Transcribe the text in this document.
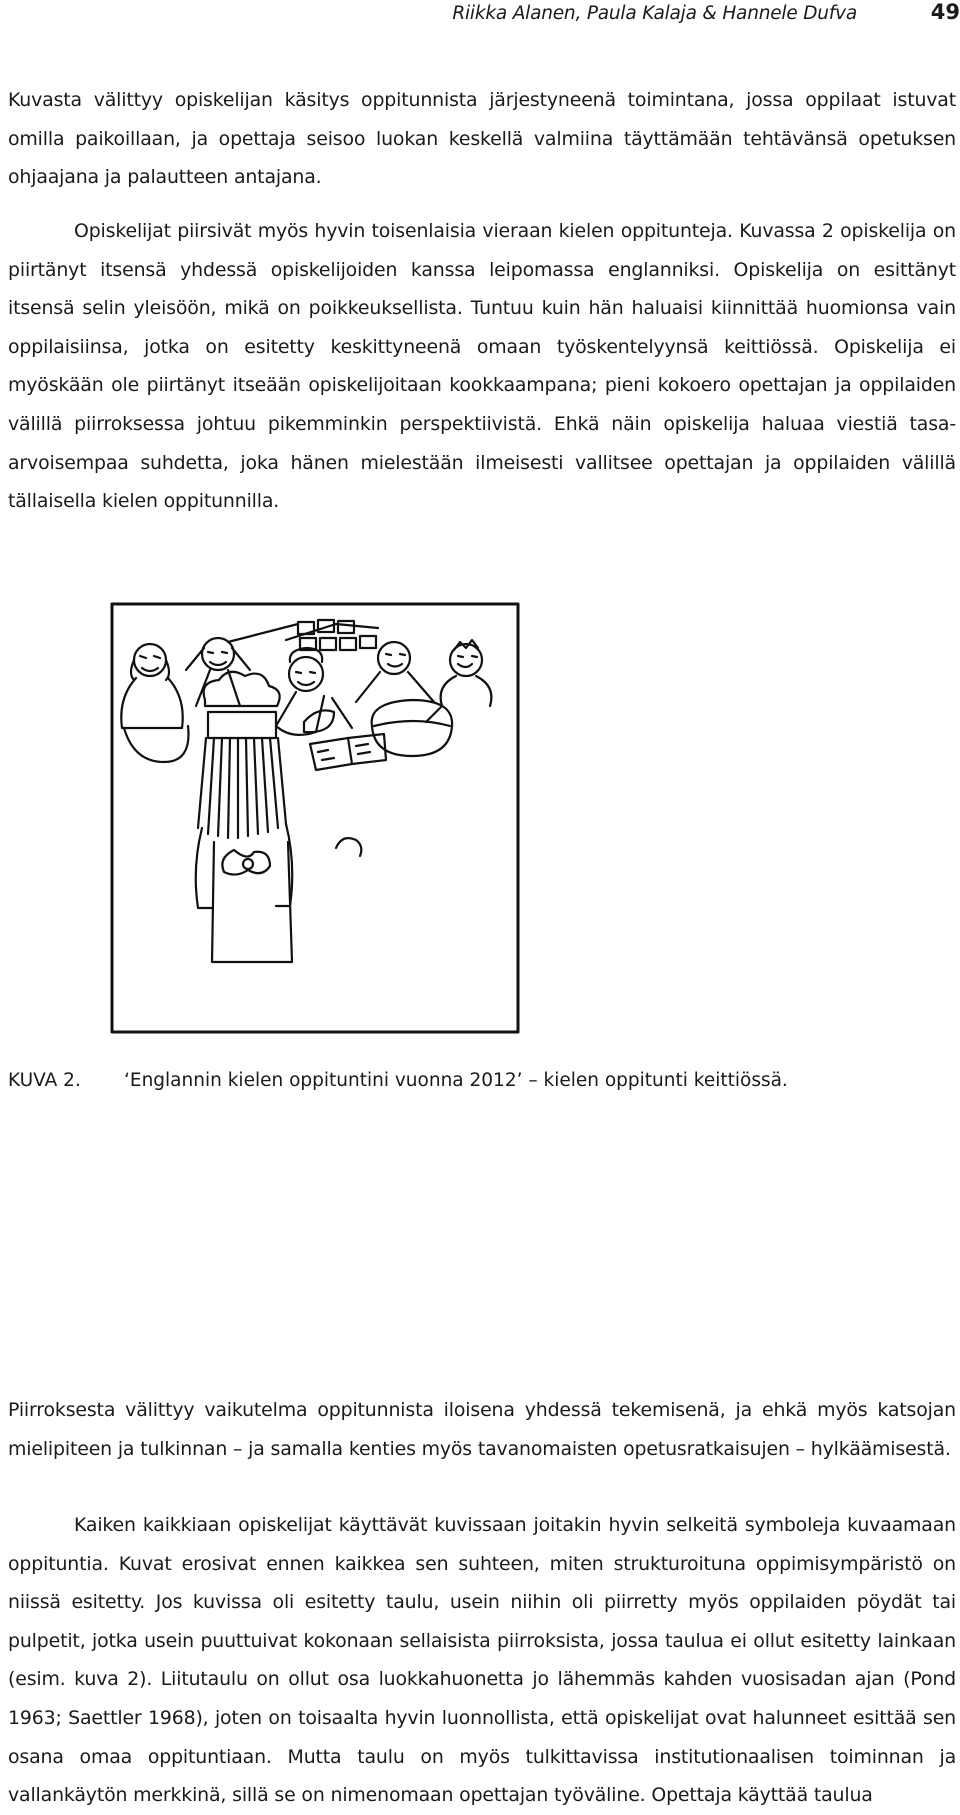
Riikka Alanen, Paula Kalaja & Hannele Dufva	49

Kuvasta välittyy opiskelijan käsitys oppitunnista järjestyneenä toimintana, jossa oppilaat istuvat omilla paikoillaan, ja opettaja seisoo luokan keskellä valmiina täyttämään tehtävänsä opetuksen ohjaajana ja palautteen antajana.

Opiskelijat piirsivät myös hyvin toisenlaisia vieraan kielen oppitunteja. Kuvassa 2 opiskelija on piirtänyt itsensä yhdessä opiskelijoiden kanssa leipomassa englanniksi. Opiskelija on esittänyt itsensä selin yleisöön, mikä on poikkeuksellista. Tuntuu kuin hän haluaisi kiinnittää huomionsa vain oppilaisiinsa, jotka on esitetty keskittyneenä omaan työskentelyynsä keittiössä. Opiskelija ei myöskään ole piirtänyt itseään opiskelijoitaan kookkaampana; pieni kokoero opettajan ja oppilaiden välillä piirroksessa johtuu pikemminkin perspektiivistä. Ehkä näin opiskelija haluaa viestiä tasa-arvoisempaa suhdetta, joka hänen mielestään ilmeisesti vallitsee opettajan ja oppilaiden välillä tällaisella kielen oppitunnilla.

KUVA 2. ‘Englannin kielen oppituntini vuonna 2012’ – kielen oppitunti keittiössä.

Piirroksesta välittyy vaikutelma oppitunnista iloisena yhdessä tekemisenä, ja ehkä myös katsojan mielipiteen ja tulkinnan – ja samalla kenties myös tavanomaisten opetusratkaisujen – hylkäämisestä.

Kaiken kaikkiaan opiskelijat käyttävät kuvissaan joitakin hyvin selkeitä symboleja kuvaamaan oppituntia. Kuvat erosivat ennen kaikkea sen suhteen, miten strukturoituna oppimisympäristö on niissä esitetty. Jos kuvissa oli esitetty taulu, usein niihin oli piirretty myös oppilaiden pöydät tai pulpetit, jotka usein puuttuivat kokonaan sellaisista piirroksista, jossa taulua ei ollut esitetty lainkaan (esim. kuva 2). Liitutaulu on ollut osa luokkahuonetta jo lähemmäs kahden vuosisadan ajan (Pond 1963; Saettler 1968), joten on toisaalta hyvin luonnollista, että opiskelijat ovat halunneet esittää sen osana omaa oppituntiaan. Mutta taulu on myös tulkittavissa institutionaalisen toiminnan ja vallankäytön merkkinä, sillä se on nimenomaan opettajan työväline. Opettaja käyttää taulua
